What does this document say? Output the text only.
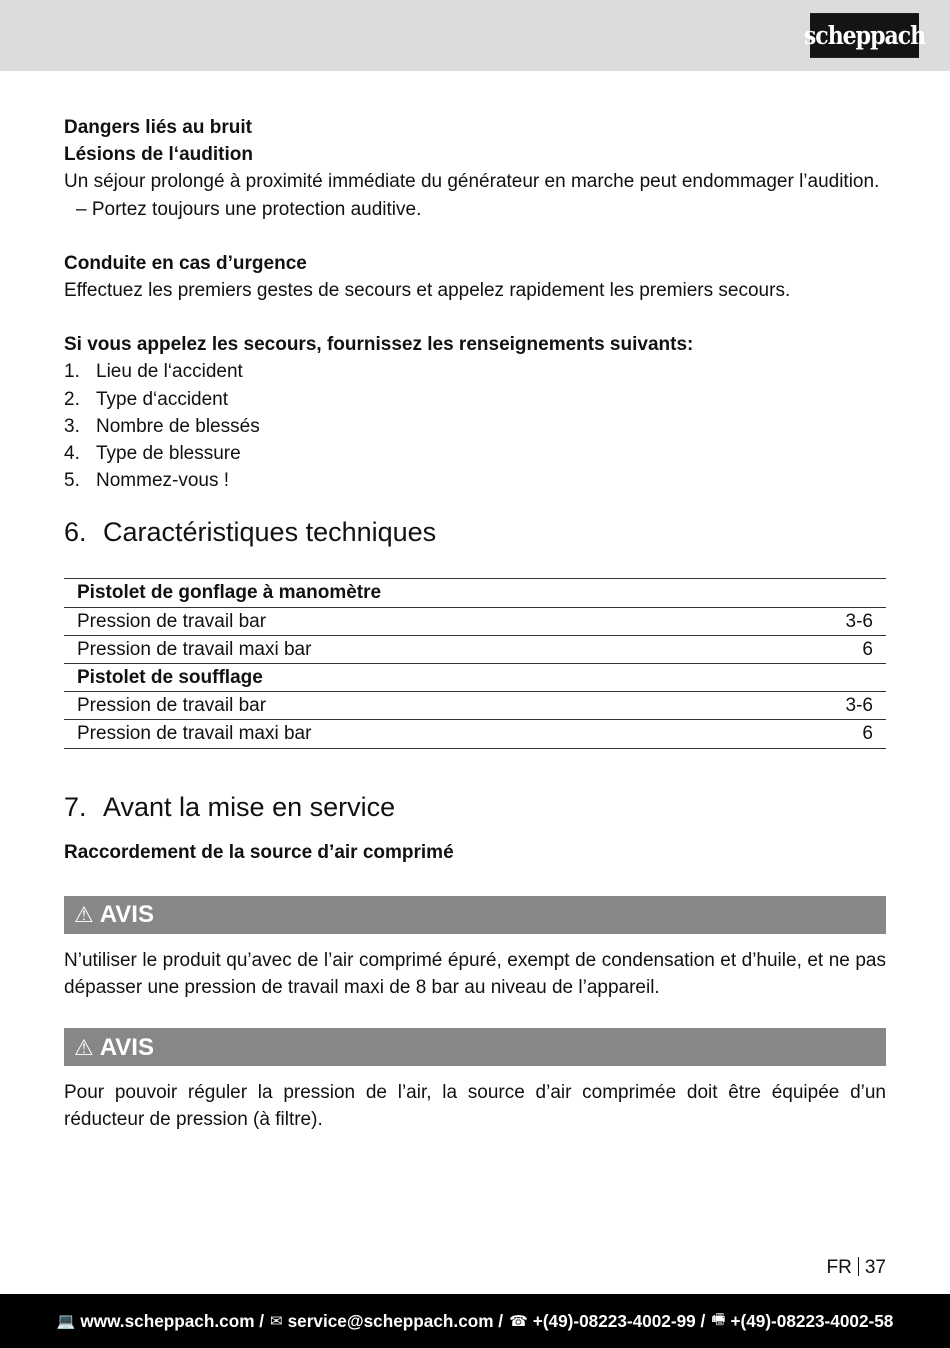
scheppach

Dangers liés au bruit

Lésions de l‘audition

Un séjour prolongé à proximité immédiate du générateur en marche peut endommager l’audition.

– Portez toujours une protection auditive.

Conduite en cas d’urgence

Effectuez les premiers gestes de secours et appelez rapidement les premiers secours.

Si vous appelez les secours, fournissez les renseignements suivants:

1. Lieu de l‘accident
2. Type d‘accident
3. Nombre de blessés
4. Type de blessure
5. Nommez-vous !
6. Caractéristiques techniques
Pistolet de gonflage à manomètre	
Pression de travail bar	3-6
Pression de travail maxi bar	6
Pistolet de soufflage	
Pression de travail bar	3-6
Pression de travail maxi bar	6
7. Avant la mise en service

Raccordement de la source d’air comprimé

⚠ AVIS

N’utiliser le produit qu’avec de l’air comprimé épuré, exempt de condensation et d’huile, et ne pas dépasser une pression de travail maxi de 8 bar au niveau de l’appareil.

⚠ AVIS

Pour pouvoir réguler la pression de l’air, la source d’air comprimée doit être équipée d’un réducteur de pression (à filtre).

FR 37
💻 www.scheppach.com / ✉ service@scheppach.com / ☎ +(49)-08223-4002-99 / 🖷 +(49)-08223-4002-58
